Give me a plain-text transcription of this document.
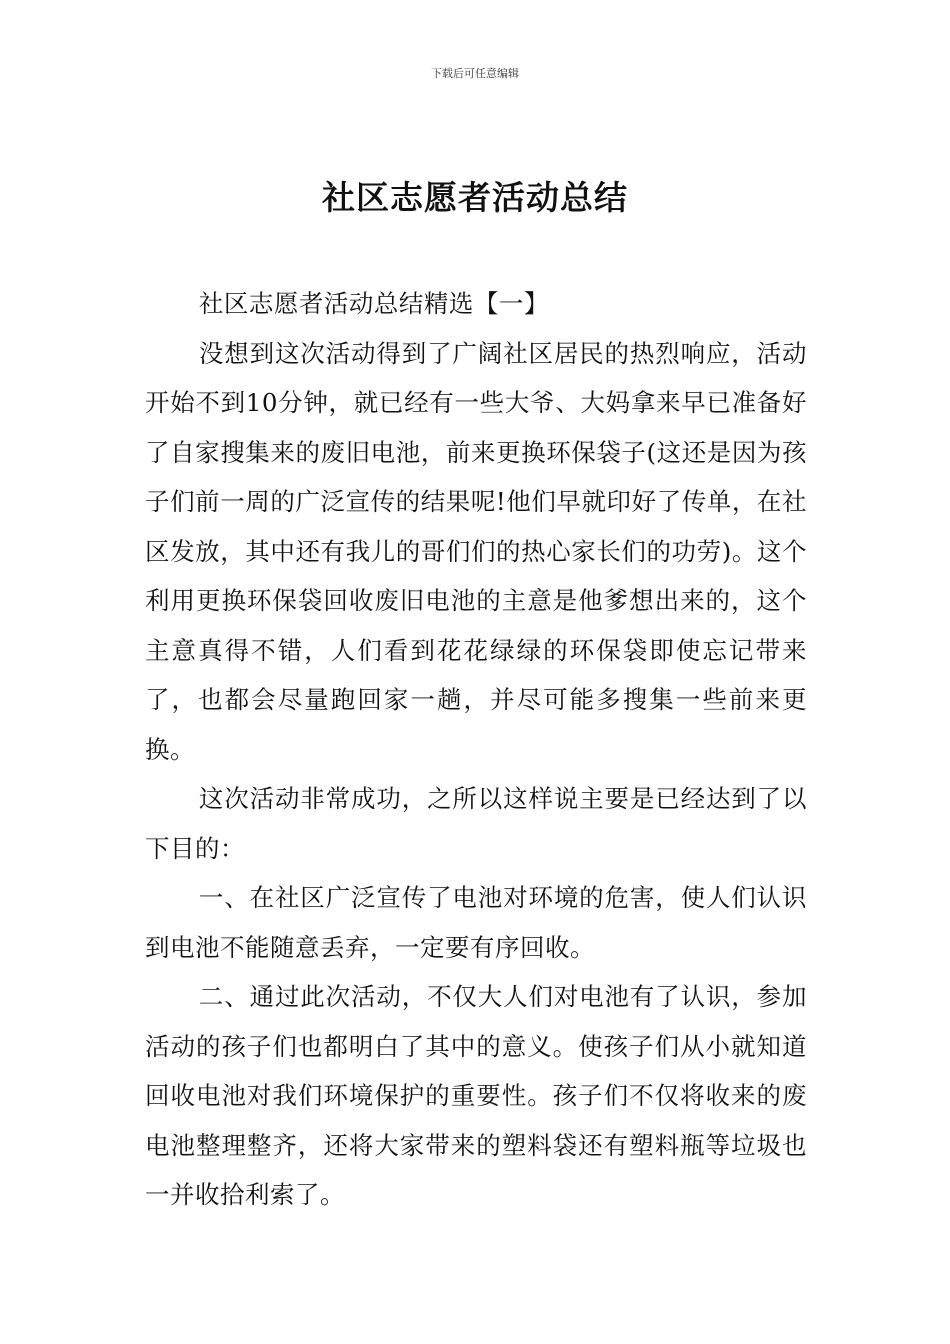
下载后可任意编辑
社区志愿者活动总结

社区志愿者活动总结精选【一】

没想到这次活动得到了广阔社区居民的热烈响应，活动开始不到10分钟，就已经有一些大爷、大妈拿来早已准备好了自家搜集来的废旧电池，前来更换环保袋子(这还是因为孩子们前一周的广泛宣传的结果呢!他们早就印好了传单，在社区发放，其中还有我儿的哥们们的热心家长们的功劳)。这个利用更换环保袋回收废旧电池的主意是他爹想出来的，这个主意真得不错，人们看到花花绿绿的环保袋即使忘记带来了，也都会尽量跑回家一趟，并尽可能多搜集一些前来更换。

这次活动非常成功，之所以这样说主要是已经达到了以下目的：

一、在社区广泛宣传了电池对环境的危害，使人们认识到电池不能随意丢弃，一定要有序回收。

二、通过此次活动，不仅大人们对电池有了认识，参加活动的孩子们也都明白了其中的意义。使孩子们从小就知道回收电池对我们环境保护的重要性。孩子们不仅将收来的废电池整理整齐，还将大家带来的塑料袋还有塑料瓶等垃圾也一并收拾利索了。
